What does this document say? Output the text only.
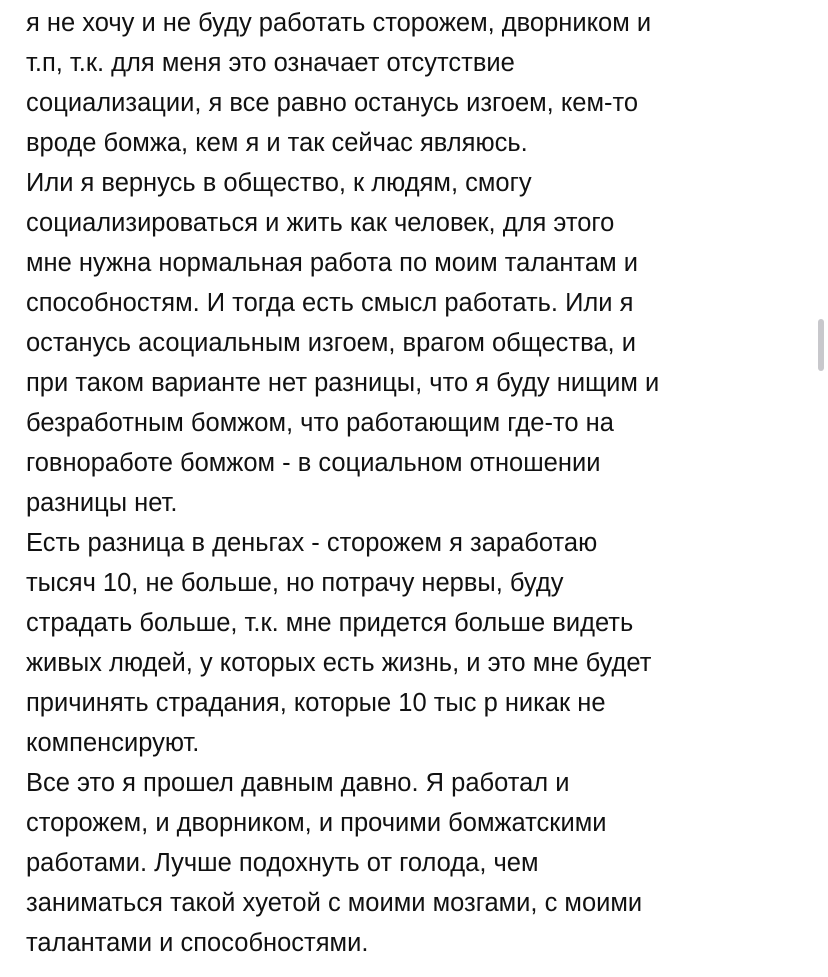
я не хочу и не буду работать сторожем, дворником и
т.п, т.к. для меня это означает отсутствие
социализации, я все равно останусь изгоем, кем-то
вроде бомжа, кем я и так сейчас являюсь.
Или я вернусь в общество, к людям, смогу
социализироваться и жить как человек, для этого
мне нужна нормальная работа по моим талантам и
способностям. И тогда есть смысл работать. Или я
останусь асоциальным изгоем, врагом общества, и
при таком варианте нет разницы, что я буду нищим и
безработным бомжом, что работающим где-то на
говноработе бомжом - в социальном отношении
разницы нет.
Есть разница в деньгах - сторожем я заработаю
тысяч 10, не больше, но потрачу нервы, буду
страдать больше, т.к. мне придется больше видеть
живых людей, у которых есть жизнь, и это мне будет
причинять страдания, которые 10 тыс р никак не
компенсируют.
Все это я прошел давным давно. Я работал и
сторожем, и дворником, и прочими бомжатскими
работами. Лучше подохнуть от голода, чем
заниматься такой хуетой с моими мозгами, с моими
талантами и способностями.
